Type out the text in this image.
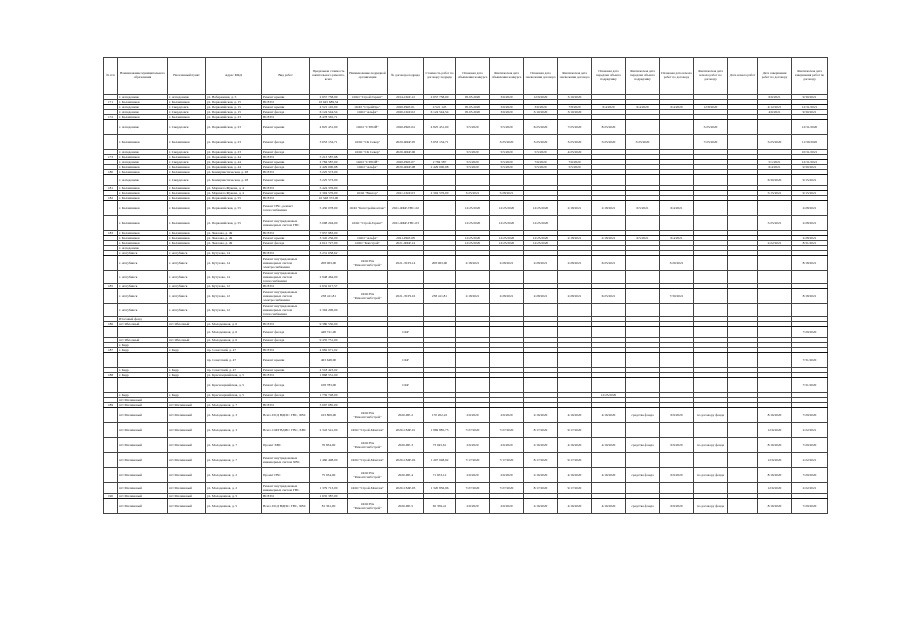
№ п/п	Наименование муниципального образования	Населенный пункт	Адрес МКД	Вид работ	Предельная стоимость капитального ремонта, всего	Наименование подрядной организации	№ договора подряда	Стоимость работ по договору подряда	Плановая дата объявления конкурса	Фактическая дата объявления конкурса	Плановая дата заключения договора	Фактическая дата заключения договора	Плановая дата передачи объекта подрядчику	Фактическая дата передачи объекта подрядчику	Плановая дата начала работ по договору	Фактическая дата начала работ по договору	Дата начала работ	Дата завершения работ по договору	Фактическая дата завершения работ по договору
	г. Алгедонино	г. Алгедонино	ул. Набережная, д. 5	Ремонт крыши	2 657 758,00	ООО "Строй Гарант"	2014-СКР-12	2 657 758,00	05.05.2020	3/6/2020	12/9/2020	3/10/2020						6/6/2021	9/30/2021
171	г. Калашников	г. Калашников	ул. Первомайская, д. 15	ВСЕГО	10 645 689,54														
	г. Алгедонино	г. Свердловск	ул. Первомайская, д. 15	Ремонт крыши	4 521 145,00	ООО "СтройПро"	2020-РКР-01	4 521 145	05.05.2020	3/6/2020	3/6/2020	7/8/2020	6/4/2020	6/4/2020	6/4/2020	12/8/2020		4/12/2021	12/31/2021
	г. Алгедонино	г. Свердловск	ул. Первомайская, д. 15	Ремонт фасада	6 124 544,54	ООО "Альфа"	2020-СКР-02	6 124 544,54	05.05.2020	3/6/2020	3/10/2020	3/10/2020						4/6/2021	9/30/2021
172	г. Калашников	г. Калашников	ул. Первомайская, д. 23	ВСЕГО	8 478 565,71														
	г. Алгедонино	г. Свердловск	ул. Первомайская, д. 23	Ремонт крыши	4 825 431,00	ООО "СТРОЙ"	2020-РКР-04	4 825 431,00	5/5/2020	5/5/2020	6/25/2020	7/25/2020	8/25/2020			5/25/2020			12/31/2020
	г. Калашников	г. Калашников	ул. Первомайская, д. 23	Ремонт фасада	3 653 134,71	ООО "СК Север"	2020-ФКР-05	3 653 134,71		3/25/2020	3/25/2020	3/25/2020	5/25/2020	5/25/2020		7/25/2020		5/25/2020	11/30/2020
	г. Алгедонино	г. Свердловск	ул. Первомайская, д. 23	Ремонт фасада		ООО "СК Север"	2020-ФКР-06		5/5/2020	5/5/2020	5/5/2020	4/25/2020							10/31/2021
173	г. Калашников	г. Калашников	ул. Первомайская, д. 44	ВСЕГО	5 213 587,98														
	г. Алгедонино	г. Свердловск	ул. Первомайская, д. 44	Ремонт крыши	2 784 587,00	ООО "СТРОЙ"	2020-РКР-07	2 784 587	5/5/2020	5/5/2020	7/6/2020	7/6/2020						5/1/2021	12/31/2021
	г. Калашников	г. Калашников	ул. Первомайская, д. 44	Ремонт фасада	2 429 000,98	ООО "Альфа"	2020-ФКР-08	2 429 000,98	5/5/2020	5/5/2020	5/5/2020	5/5/2020						6/4/2021	9/30/2021
180	г. Калашников	г. Калашников	ул. Коммунистическая, д. 28	ВСЕГО	3 225 573,00														
	г. Алгедонино	г. Свердловск	ул. Коммунистическая, д. 28	Ремонт крыши	3 225 573,00													6/30/2020	9/15/2021
181	г. Калашников	г. Калашников	ул. Маршала Жукова, д. 4	ВСЕГО	5 424 376,00														
	г. Калашников	г. Калашников	ул. Маршала Жукова, д. 4	Ремонт крыши	2 304 576,00	ООО "Вектор"	2021-СКР-03	2 304 576,00	3/25/2021	5/28/2021								5/15/2021	9/15/2021
182	г. Калашников	г. Калашников	ул. Первомайская, д. 55	ВСЕГО	10 548 372,00														
	г. Калашников	г. Калашников	ул. Первомайская, д. 55	Ремонт ГВС, ремонт теплоснабжения	5 450 078,00	ООО "Капстроймонтаж"	2021-ФКР-ТВС-02		12/25/2020	12/25/2020	12/25/2020	2/18/2021	2/18/2021	6/5/2021	6/4/2021				2/28/2021
	г. Калашников	г. Калашников	ул. Первомайская, д. 55	Ремонт внутридомовых инженерных систем ГВС	5 098 294,00	ООО "Строй-Гарант"	2021-ФКР-ГВС-03		12/25/2020	12/25/2020	12/25/2020							5/25/2021	2/28/2021
183	г. Калашников	г. Калашников	ул. Чкалова, д. 49	ВСЕГО	7 957 983,00														
	г. Калашников	г. Калашников	ул. Чкалова, д. 49	Ремонт крыши	3 345 256,00	ООО "Альфа"	2021-РКР-08		12/25/2020	12/25/2020	12/25/2020	2/18/2021	2/18/2021	6/5/2021	6/4/2021				2/28/2021
	г. Калашников	г. Калашников	ул. Чкалова, д. 49	Ремонт фасада	4 612 727,00	ООО "Капстрой"	2021-ФКР-14		12/25/2020	12/25/2020	12/25/2020							2/22/2021	8/31/2021
	г. Алгедонино																		
	г. Ахтубинск	г. Ахтубинск	ул. Кутузова, 14	ВСЕГО	3 231 658,62														
	г. Ахтубинск	г. Ахтубинск	ул. Кутузова, 14	Ремонт внутридомовых инженерных систем электроснабжения	208 063,00	ООО НА "Ремонтснабстрой"	2021-ЭСН-14	208 063,00	2/18/2021	2/28/2021	2/28/2021	2/28/2021	6/25/2021		3/20/2021				8/18/2021
	г. Ахтубинск	г. Ахтубинск	ул. Кутузова, 14	Ремонт внутридомовых инженерных систем теплоснабжения	2 948 464,00														
185	г. Ахтубинск	г. Ахтубинск	ул. Кутузова, 12	ВСЕГО	2 632 617,57														
	г. Ахтубинск	г. Ахтубинск	ул. Кутузова, 12	Ремонт внутридомовых инженерных систем электроснабжения	238 411,81	ООО НА "Ремонтснабстрой"	2021-ЭСН-16	238 411,81	2/18/2021	2/28/2021	2/28/2021	2/28/2021	6/25/2021		7/30/2021				8/18/2021
	г. Ахтубинск	г. Ахтубинск	ул. Кутузова, 12	Ремонт внутридомовых инженерных систем теплоснабжения	2 394 206,00														
	Итоговый фонд																		
186	пгт Яблочный	пгт Яблочный	ул. Молодежная, д. 6	ВСЕГО	9 380 530,00														
			ул. Молодежная, д. 6	Ремонт фасада	448 721,00		СКР												7/29/2020
	пгт Яблочный	пгт Яблочный	ул. Молодежная, д. 6	Ремонт фасада	9 435 751,00														
	г. Кедр																		
187	г. Кедр	г. Кедр	пр. Советский, д. 47	ВСЕГО	4 982 071,02														
			пр. Советский, д. 47	Ремонт крыши	463 648,00		СКР												7/31/2020
	г. Кедр	г. Кедр	пр. Советский, д. 47	Ремонт крыши	4 518 423,02														
188	г. Кедр	г. Кедр	ул. Красноармейская, д. 5	ВСЕГО	1 868 531,00														
			ул. Красноармейская, д. 5	Ремонт фасада	108 783,00		СКР												7/31/2020
	г. Кедр	г. Кедр	ул. Красноармейская, д. 5	Ремонт фасада	1 759 748,00								12/25/2020						
	пгт Малиновый																		
189	пгт Малиновый	пгт Малиновый	ул. Молодежная, д. 7	ВСЕГО	3 097 085,00														
	пгт Малиновый	пгт Малиновый	ул. Молодежная, д. 3	Всего ПСД ВДИС: ГВС, ХВС	163 809,00	ООО НА "Ремонтснабстрой"	2020-ПР-2	170 202,22	2/6/2020	2/6/2020	2/16/2020	4/16/2020	4/16/2020	средства фонда	6/9/2020	по договору фонда		8/16/2020	7/29/2020
	пгт Малиновый	пгт Малиновый	ул. Молодежная, д. 3	Всего СМР ВДИС: ГВС, ХВС	2 343 541,00	ООО "Строй-Монтаж"	2020-СМР-01	1 869 885,75	7/27/2020	7/27/2020	8/17/2020	9/17/2020						12/6/2020	2/22/2021
	пгт Малиновый	пгт Малиновый	ул. Молодежная, д. 7	Проект ХВС	76 834,00	ООО НА "Ремонтснабстрой"	2020-ПР-3	73 045,61	2/6/2020	2/6/2020	2/16/2020	4/16/2020	4/16/2020	средства фонда	6/9/2020	по договору фонда		8/16/2020	7/29/2020
	пгт Малиновый	пгт Малиновый	ул. Молодежная, д. 7	Ремонт внутридомовых инженерных систем ХВС	1 460 408,00	ООО "Строй-Монтаж"	2020-СМР-02	1 407 048,92	7/17/2020	7/17/2020	8/17/2020	9/17/2020						12/6/2020	2/22/2021
	пгт Малиновый	пгт Малиновый	ул. Молодежная, д. 2	Проект ГВС	75 034,00	ООО НА "Ремонтснабстрой"	2020-ПР-4	71 653,12	2/6/2020	2/6/2020	2/16/2020	4/16/2020	4/16/2020	средства фонда	6/9/2020	по договору фонда		8/16/2020	7/29/2020
	пгт Малиновый	пгт Малиновый	ул. Молодежная, д. 2	Ремонт внутридомовых инженерных систем ГВС	1 379 713,00	ООО "Строй-Монтаж"	2020-СМР-03	1 320 856,96	7/27/2020	7/27/2020	8/17/2020	9/17/2020						12/6/2020	2/22/2021
190	пгт Малиновый	пгт Малиновый	ул. Молодежная, д. 5	ВСЕГО	1 635 387,00														
	пгт Малиновый	пгт Малиновый	ул. Молодежная, д. 5	Всего ПСД ВДИС: ГВС, ХВС	81 361,00	ООО НА "Ремонтснабстрой"	2020-ПР-5	65 359,41	2/6/2020	2/6/2020	2/16/2020	4/16/2020	4/16/2020	средства фонда	6/9/2020	по договору фонда		8/16/2020	7/29/2020
